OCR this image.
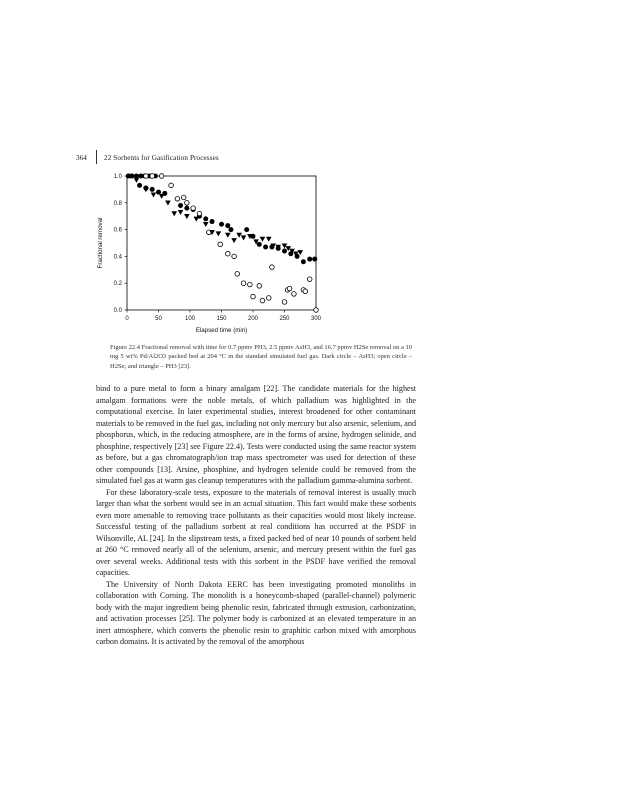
364 22 Sorbents for Gasification Processes
0	50	100	150	200	250	300
0.0
0.2
0.4
0.6
0.8
1.0
Elapsed time (min)
Fractional removal
Figure 22.4 Fractional removal with time for 0.7 ppmv PH3, 2.5 ppmv AsH3, and 16.7 ppmv H2Se removal on a 10 mg 5 wt% Pd/Al2O3 packed bed at 204 °C in the standard simulated fuel gas. Dark circle – AsH3; open circle – H2Se; and triangle – PH3 [23].

bind to a pure metal to form a binary amalgam [22]. The candidate materials for the highest amalgam formations were the noble metals, of which palladium was highlighted in the computational exercise. In later experimental studies, interest broadened for other contaminant materials to be removed in the fuel gas, including not only mercury but also arsenic, selenium, and phosphorus, which, in the reducing atmosphere, are in the forms of arsine, hydrogen selinide, and phosphine, respectively [23] see Figure 22.4). Tests were conducted using the same reactor system as before, but a gas chromatograph/ion trap mass spectrometer was used for detection of these other compounds [13]. Arsine, phosphine, and hydrogen selenide could be removed from the simulated fuel gas at warm gas cleanup temperatures with the palladium gamma-alumina sorbent.

For these laboratory-scale tests, exposure to the materials of removal interest is usually much larger than what the sorbent would see in an actual situation. This fact would make these sorbents even more amenable to removing trace pollutants as their capacities would most likely increase. Successful testing of the palladium sorbent at real conditions has occurred at the PSDF in Wilsonville, AL [24]. In the slipstream tests, a fixed packed bed of near 10 pounds of sorbent held at 260 °C removed nearly all of the selenium, arsenic, and mercury present within the fuel gas over several weeks. Additional tests with this sorbent in the PSDF have verified the removal capacities.

The University of North Dakota EERC has been investigating promoted monoliths in collaboration with Corning. The monolith is a honeycomb-shaped (parallel-channel) polymeric body with the major ingredient being phenolic resin, fabricated through extrusion, carbonization, and activation processes [25]. The polymer body is carbonized at an elevated temperature in an inert atmosphere, which converts the phenolic resin to graphitic carbon mixed with amorphous carbon domains. It is activated by the removal of the amorphous
